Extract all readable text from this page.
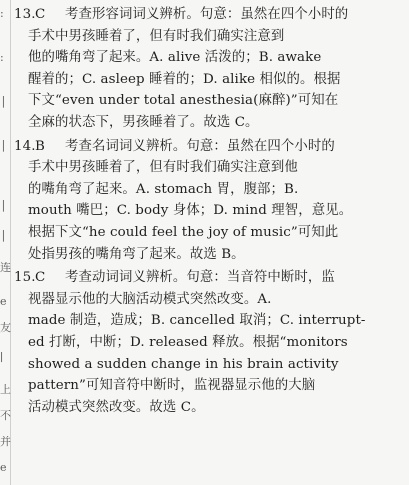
:
:
│
│
│
│
连
e
友
∣
上
不
并
e
13.C 考查形容词词义辨析。句意：虽然在四个小时的
手术中男孩睡着了，但有时我们确实注意到
他的嘴角弯了起来。A. alive 活泼的；B. awake
醒着的；C. asleep 睡着的；D. alike 相似的。根据
下文“even under total anesthesia(麻醉)”可知在
全麻的状态下，男孩睡着了。故选 C。
14.B 考查名词词义辨析。句意：虽然在四个小时的
手术中男孩睡着了，但有时我们确实注意到他
的嘴角弯了起来。A. stomach 胃，腹部；B.
mouth 嘴巴；C. body 身体；D. mind 理智，意见。
根据下文“he could feel the joy of music”可知此
处指男孩的嘴角弯了起来。故选 B。
15.C 考查动词词义辨析。句意：当音符中断时，监
视器显示他的大脑活动模式突然改变。A.
made 制造，造成；B. cancelled 取消；C. interrupt-
ed 打断，中断；D. released 释放。根据“monitors
showed a sudden change in his brain activity
pattern”可知音符中断时，监视器显示他的大脑
活动模式突然改变。故选 C。
